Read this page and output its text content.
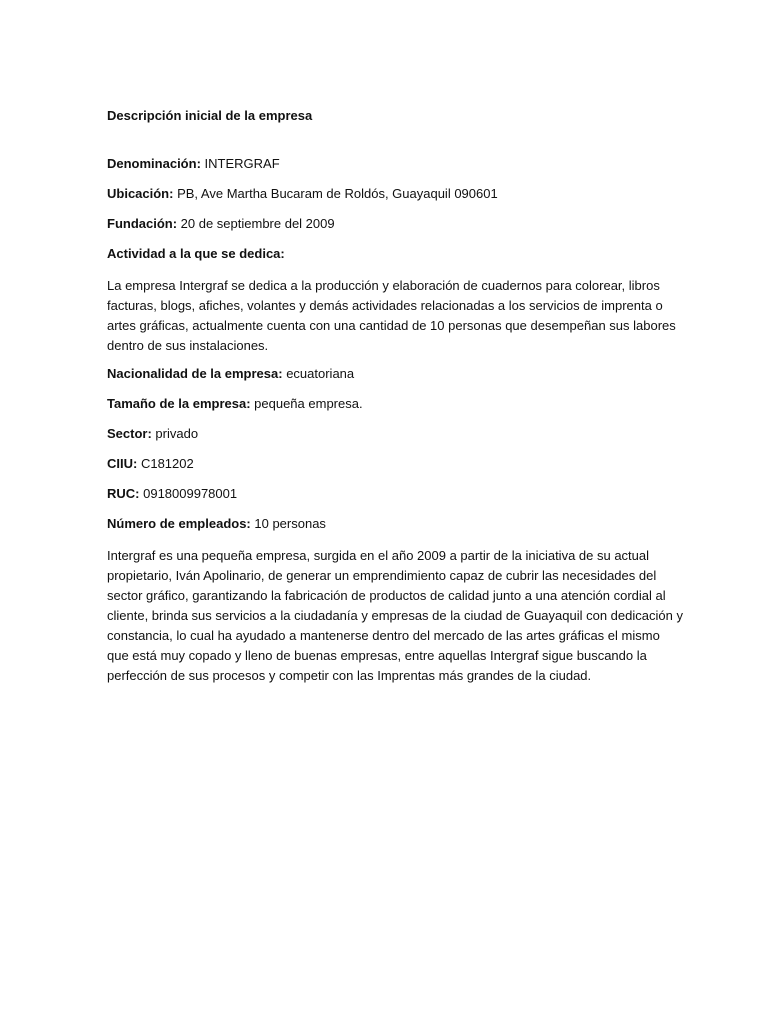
Descripción inicial de la empresa
Denominación: INTERGRAF
Ubicación: PB, Ave Martha Bucaram de Roldós, Guayaquil 090601
Fundación: 20 de septiembre del 2009
Actividad a la que se dedica:
La empresa Intergraf se dedica a la producción y elaboración de cuadernos para colorear, libros
facturas, blogs, afiches, volantes y demás actividades relacionadas a los servicios de imprenta o
artes gráficas, actualmente cuenta con una cantidad de 10 personas que desempeñan sus labores
dentro de sus instalaciones.
Nacionalidad de la empresa: ecuatoriana
Tamaño de la empresa: pequeña empresa.
Sector: privado
CIIU: C181202
RUC: 0918009978001
Número de empleados: 10 personas
Intergraf es una pequeña empresa, surgida en el año 2009 a partir de la iniciativa de su actual
propietario, Iván Apolinario, de generar un emprendimiento capaz de cubrir las necesidades del
sector gráfico, garantizando la fabricación de productos de calidad junto a una atención cordial al
cliente, brinda sus servicios a la ciudadanía y empresas de la ciudad de Guayaquil con dedicación y
constancia, lo cual ha ayudado a mantenerse dentro del mercado de las artes gráficas el mismo
que está muy copado y lleno de buenas empresas, entre aquellas Intergraf sigue buscando la
perfección de sus procesos y competir con las Imprentas más grandes de la ciudad.
